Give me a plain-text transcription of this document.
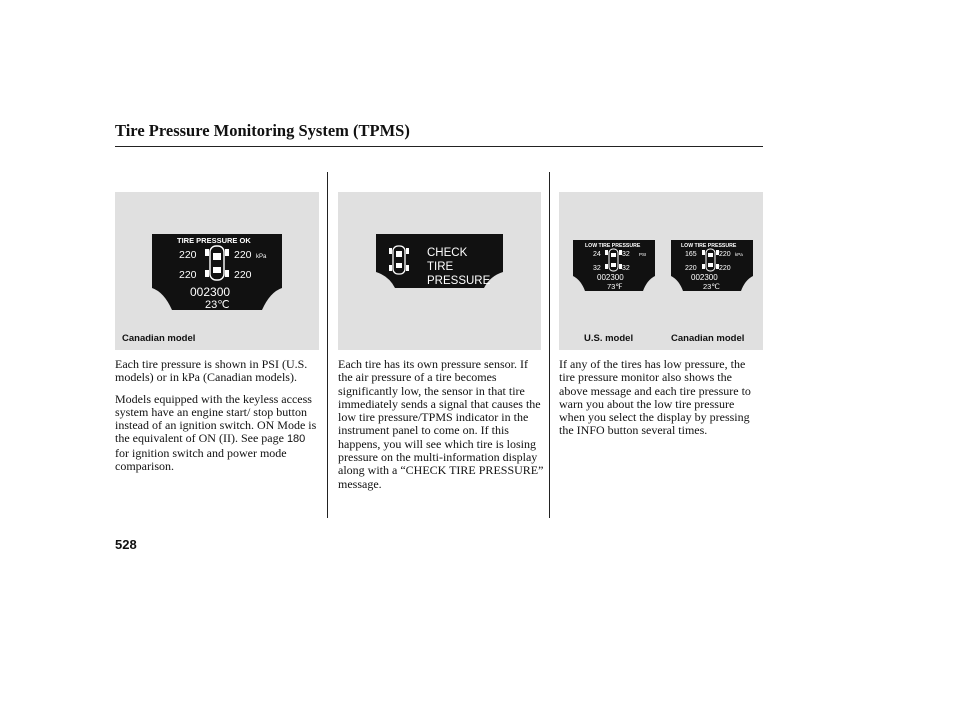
Tire Pressure Monitoring System (TPMS)
TIRE PRESSURE OK
220	220 kPa
220	220
002300
23℃
Canadian model
CHECK
TIRE
PRESSURE
LOW TIRE PRESSURE
24	32 PSI
32	32
002300
73℉
LOW TIRE PRESSURE
165	220 kPa
220	220
002300
23℃
U.S. model	Canadian model

Each tire pressure is shown in PSI (U.S. models) or in kPa (Canadian models).

Models equipped with the keyless access system have an engine start/ stop button instead of an ignition switch. ON Mode is the equivalent of ON (II). See page 180 for ignition switch and power mode comparison.

Each tire has its own pressure sensor. If the air pressure of a tire becomes significantly low, the sensor in that tire immediately sends a signal that causes the low tire pressure/TPMS indicator in the instrument panel to come on. If this happens, you will see which tire is losing pressure on the multi-information display along with a “CHECK TIRE PRESSURE” message.

If any of the tires has low pressure, the tire pressure monitor also shows the above message and each tire pressure to warn you about the low tire pressure when you select the display by pressing the INFO button several times.

528
